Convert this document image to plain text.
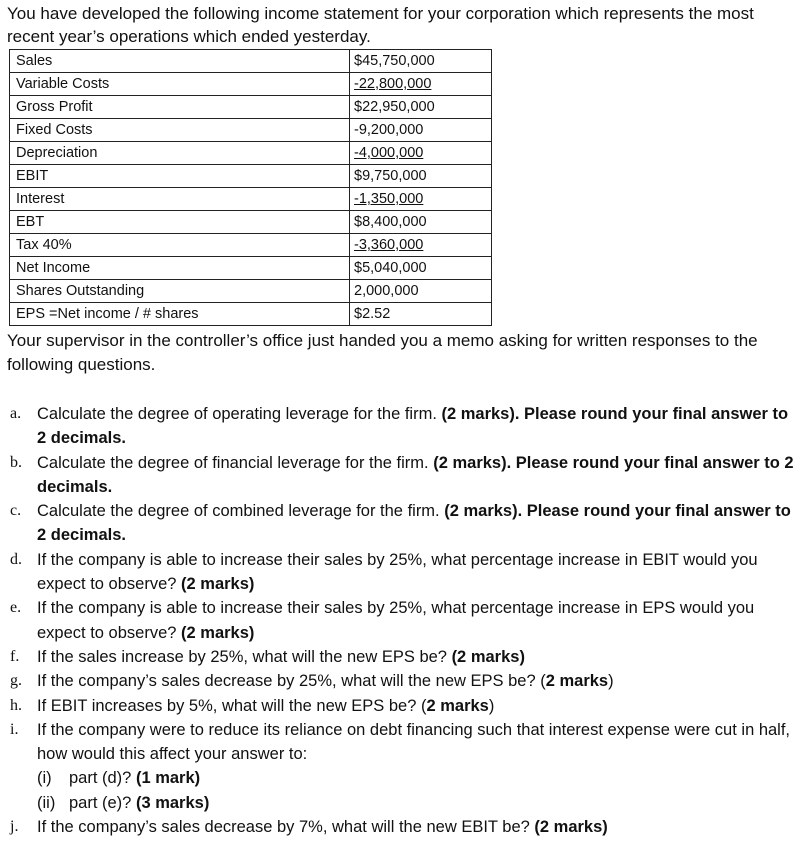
You have developed the following income statement for your corporation which represents the most recent year’s operations which ended yesterday.
Sales	$45,750,000
Variable Costs	-22,800,000
Gross Profit	$22,950,000
Fixed Costs	-9,200,000
Depreciation	-4,000,000
EBIT	$9,750,000
Interest	-1,350,000
EBT	$8,400,000
Tax 40%	-3,360,000
Net Income	$5,040,000
Shares Outstanding	2,000,000
EPS =Net income / # shares	$2.52
Your supervisor in the controller’s office just handed you a memo asking for written responses to the following questions.
a. Calculate the degree of operating leverage for the firm. (2 marks). Please round your final answer to 2 decimals.
b. Calculate the degree of financial leverage for the firm. (2 marks). Please round your final answer to 2 decimals.
c. Calculate the degree of combined leverage for the firm. (2 marks). Please round your final answer to 2 decimals.
d. If the company is able to increase their sales by 25%, what percentage increase in EBIT would you expect to observe? (2 marks)
e. If the company is able to increase their sales by 25%, what percentage increase in EPS would you expect to observe? (2 marks)
f. If the sales increase by 25%, what will the new EPS be? (2 marks)
g. If the company’s sales decrease by 25%, what will the new EPS be? (2 marks)
h. If EBIT increases by 5%, what will the new EPS be? (2 marks)
i. If the company were to reduce its reliance on debt financing such that interest expense were cut in half, how would this affect your answer to:
(i) part (d)? (1 mark)
(ii) part (e)? (3 marks)
j. If the company’s sales decrease by 7%, what will the new EBIT be? (2 marks)
